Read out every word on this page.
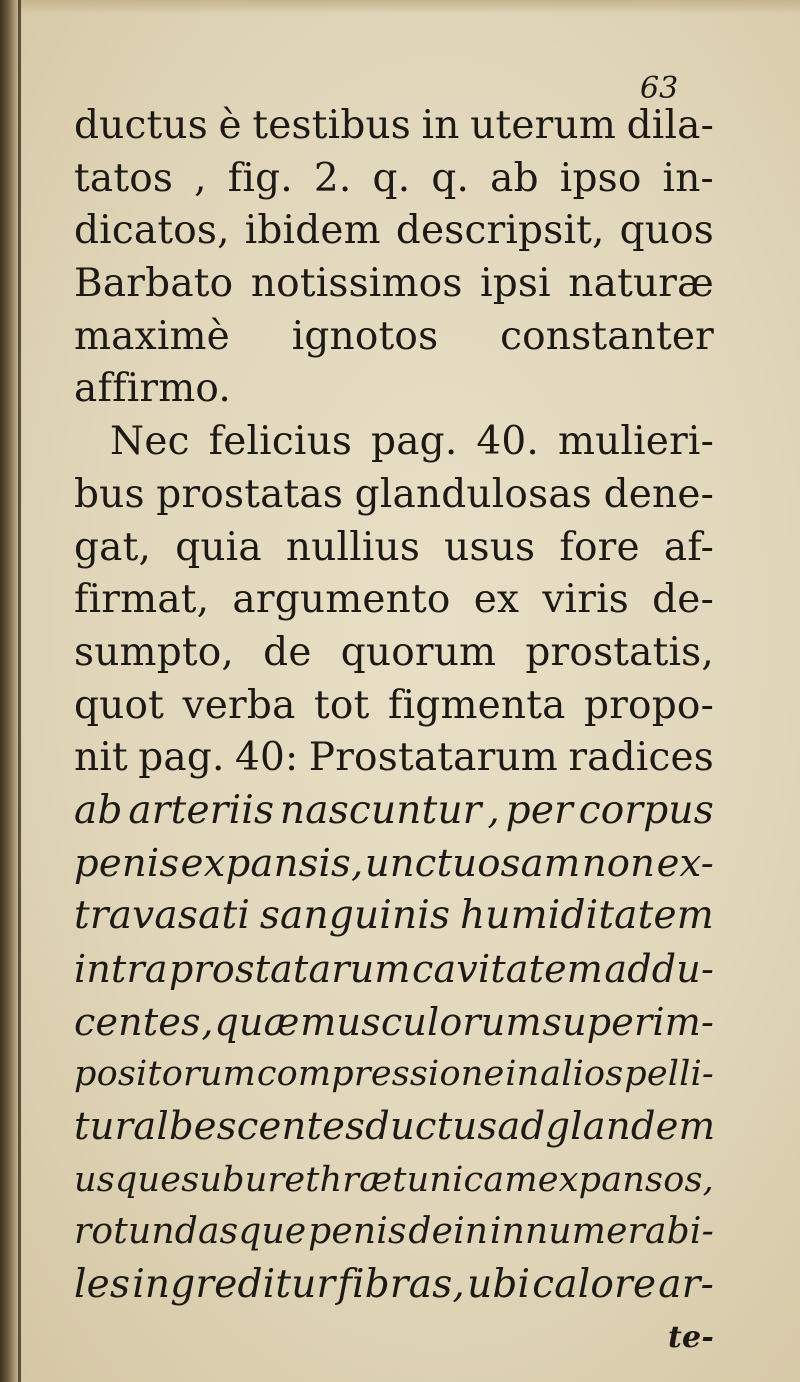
63
ductus è testibus in uterum dila-
tatos , fig. 2. q. q. ab ipso in-
dicatos, ibidem descripsit, quos
Barbato notissimos ipsi naturæ
maximè ignotos constanter
affirmo.
Nec felicius pag. 40. mulieri-
bus prostatas glandulosas dene-
gat, quia nullius usus fore af-
firmat, argumento ex viris de-
sumpto, de quorum prostatis,
quot verba tot figmenta propo-
nit pag. 40: Prostatarum radices
ab arteriis nascuntur , per corpus
penis expansis, unctuosam non ex-
travasati sanguinis humiditatem
intra prostatarum cavitatem addu-
centes , quæ musculorum superim-
positorum compressione in alios pelli-
tur albescentes ductus ad glandem
usque sub urethræ tunicam expansos,
rotundasque penis dein innumerabi-
les ingreditur fibras, ubi calore ar-
te-
